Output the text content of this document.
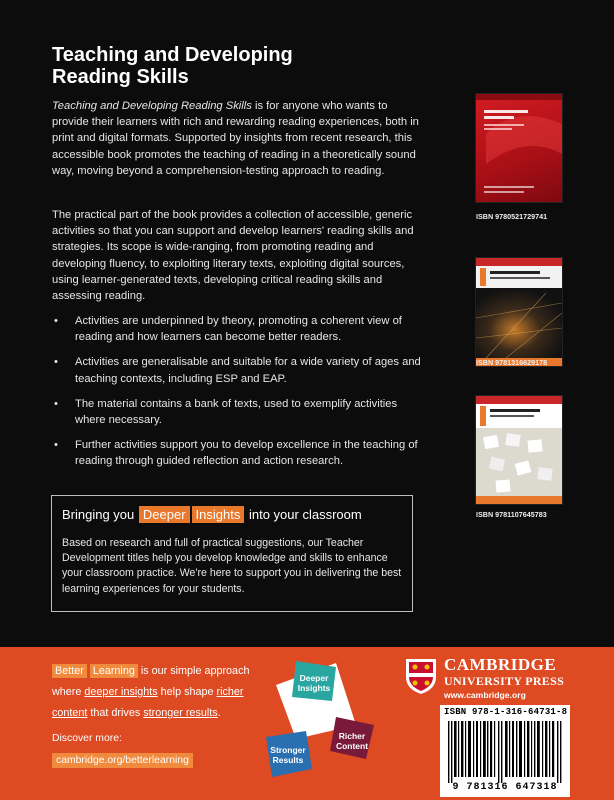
Teaching and Developing
Reading Skills

Teaching and Developing Reading Skills is for anyone who wants to provide their learners with rich and rewarding reading experiences, both in print and digital formats. Supported by insights from recent research, this accessible book promotes the teaching of reading in a theoretically sound way, moving beyond a comprehension-testing approach to reading.

The practical part of the book provides a collection of accessible, generic activities so that you can support and develop learners' reading skills and strategies. Its scope is wide-ranging, from promoting reading and developing fluency, to exploiting literary texts, exploiting digital sources, using learner-generated texts, developing critical reading skills and assessing reading.

• Activities are underpinned by theory, promoting a coherent view of reading and how learners can become better readers.
• Activities are generalisable and suitable for a wide variety of ages and teaching contexts, including ESP and EAP.
• The material contains a bank of texts, used to exemplify activities where necessary.
• Further activities support you to develop excellence in the teaching of reading through guided reflection and action research.
ISBN 9780521729741
ISBN 9781316629178
ISBN 9781107645783
Bringing you Deeper Insights into your classroom

Based on research and full of practical suggestions, our Teacher Development titles help you develop knowledge and skills to enhance your classroom practice. We're here to support you in delivering the best learning experiences for your students.

Better Learning is our simple approach
where deeper insights help shape richer
content that drives stronger results.
Discover more:
cambridge.org/betterlearning
Deeper
Insights
Richer
Content
Stronger
Results
CAMBRIDGE
UNIVERSITY PRESS
www.cambridge.org
ISBN 978-1-316-64731-8
9 781316 647318
